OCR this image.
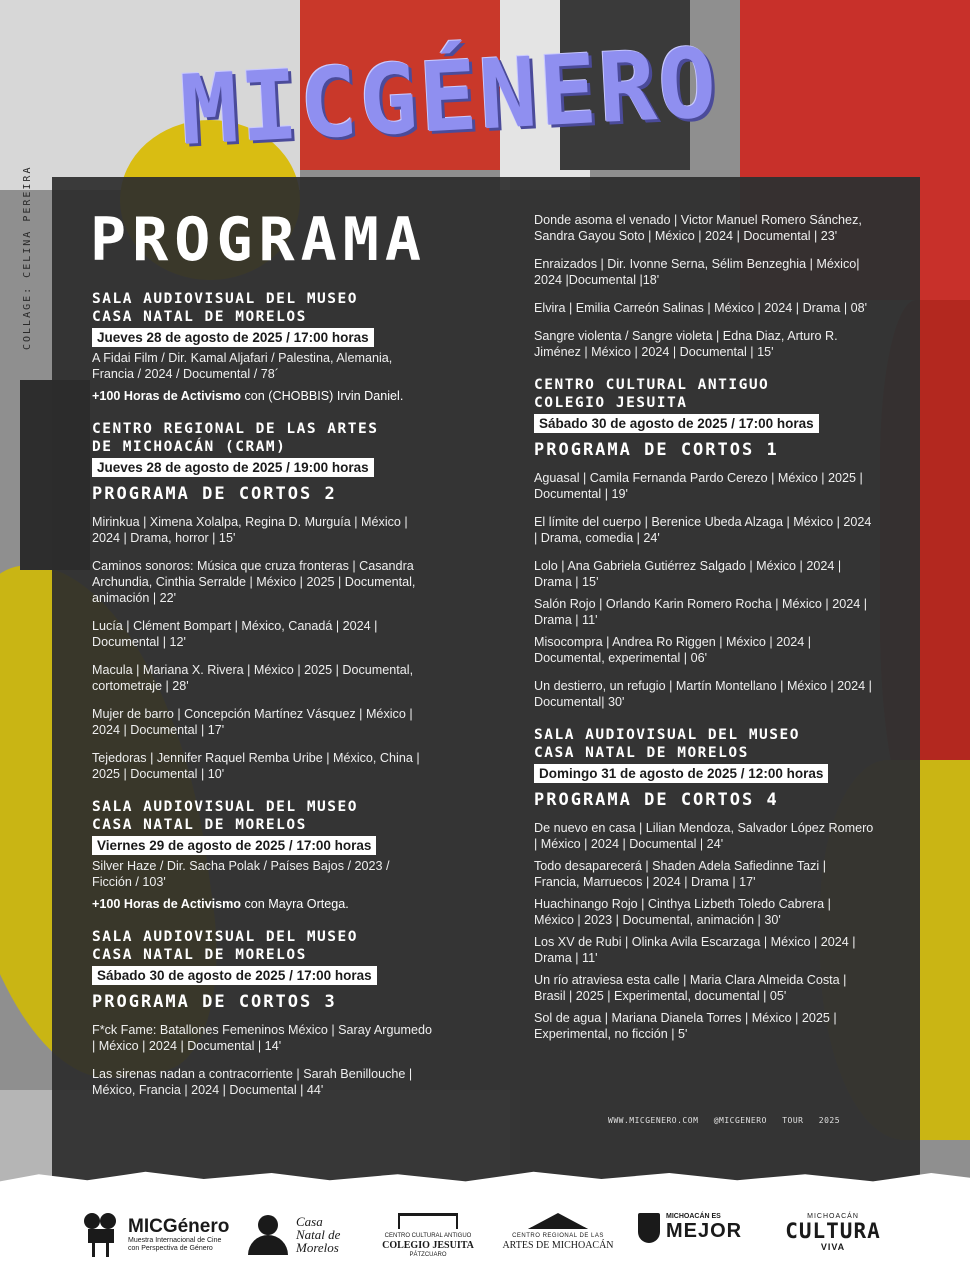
MICGÉNERO
COLLAGE: CELINA PEREIRA PROGRAMA
SALA AUDIOVISUAL DEL MUSEO
CASA NATAL DE MORELOS
Jueves 28 de agosto de 2025 / 17:00 horas
A Fidai Film / Dir. Kamal Aljafari / Palestina, Alemania, Francia / 2024 / Documental / 78´
+100 Horas de Activismo con (CHOBBIS) Irvin Daniel.
CENTRO REGIONAL DE LAS ARTES
DE MICHOACÁN (CRAM)
Jueves 28 de agosto de 2025 / 19:00 horas
PROGRAMA DE CORTOS 2
Mirinkua | Ximena Xolalpa, Regina D. Murguía | México | 2024 | Drama, horror | 15'
Caminos sonoros: Música que cruza fronteras | Casandra Archundia, Cinthia Serralde | México | 2025 | Documental, animación | 22'
Lucía | Clément Bompart | México, Canadá | 2024 | Documental | 12'
Macula | Mariana X. Rivera | México | 2025 | Documental, cortometraje | 28'
Mujer de barro | Concepción Martínez Vásquez | México | 2024 | Documental | 17'
Tejedoras | Jennifer Raquel Remba Uribe | México, China | 2025 | Documental | 10'
SALA AUDIOVISUAL DEL MUSEO
CASA NATAL DE MORELOS
Viernes 29 de agosto de 2025 / 17:00 horas
Silver Haze / Dir. Sacha Polak / Países Bajos / 2023 / Ficción / 103'
+100 Horas de Activismo con Mayra Ortega.
SALA AUDIOVISUAL DEL MUSEO
CASA NATAL DE MORELOS
Sábado 30 de agosto de 2025 / 17:00 horas
PROGRAMA DE CORTOS 3
F*ck Fame: Batallones Femeninos México | Saray Argumedo | México | 2024 | Documental | 14'
Las sirenas nadan a contracorriente | Sarah Benillouche | México, Francia | 2024 | Documental | 44'
Donde asoma el venado | Victor Manuel Romero Sánchez, Sandra Gayou Soto | México | 2024 | Documental | 23'
Enraizados | Dir. Ivonne Serna, Sélim Benzeghia | México| 2024 |Documental |18'
Elvira | Emilia Carreón Salinas | México | 2024 | Drama | 08'
Sangre violenta / Sangre violeta | Edna Diaz, Arturo R. Jiménez | México | 2024 | Documental | 15'
CENTRO CULTURAL ANTIGUO
COLEGIO JESUITA
Sábado 30 de agosto de 2025 / 17:00 horas
PROGRAMA DE CORTOS 1
Aguasal | Camila Fernanda Pardo Cerezo | México | 2025 | Documental | 19'
El límite del cuerpo | Berenice Ubeda Alzaga | México | 2024 | Drama, comedia | 24'
Lolo | Ana Gabriela Gutiérrez Salgado | México | 2024 | Drama | 15'
Salón Rojo | Orlando Karin Romero Rocha | México | 2024 | Drama | 11'
Misocompra | Andrea Ro Riggen | México | 2024 | Documental, experimental | 06'
Un destierro, un refugio | Martín Montellano | México | 2024 | Documental| 30'
SALA AUDIOVISUAL DEL MUSEO
CASA NATAL DE MORELOS
Domingo 31 de agosto de 2025 / 12:00 horas
PROGRAMA DE CORTOS 4
De nuevo en casa | Lilian Mendoza, Salvador López Romero | México | 2024 | Documental | 24'
Todo desaparecerá | Shaden Adela Safiedinne Tazi | Francia, Marruecos | 2024 | Drama | 17'
Huachinango Rojo | Cinthya Lizbeth Toledo Cabrera | México | 2023 | Documental, animación | 30'
Los XV de Rubi | Olinka Avila Escarzaga | México | 2024 | Drama | 11'
Un río atraviesa esta calle | Maria Clara Almeida Costa | Brasil | 2025 | Experimental, documental | 05'
Sol de agua | Mariana Dianela Torres | México | 2025 | Experimental, no ficción | 5'
WWW.MICGENERO.COM @MICGENERO TOUR 2025
MICGénero
Muestra Internacional de Cine
con Perspectiva de Género
Casa
Natal de
Morelos
CENTRO CULTURAL ANTIGUO
COLEGIO JESUITA
PÁTZCUARO
CENTRO REGIONAL DE LAS
ARTES DE MICHOACÁN
MICHOACÁN ES
MEJOR
MICHOACÁN
CULTURA
VIVA
